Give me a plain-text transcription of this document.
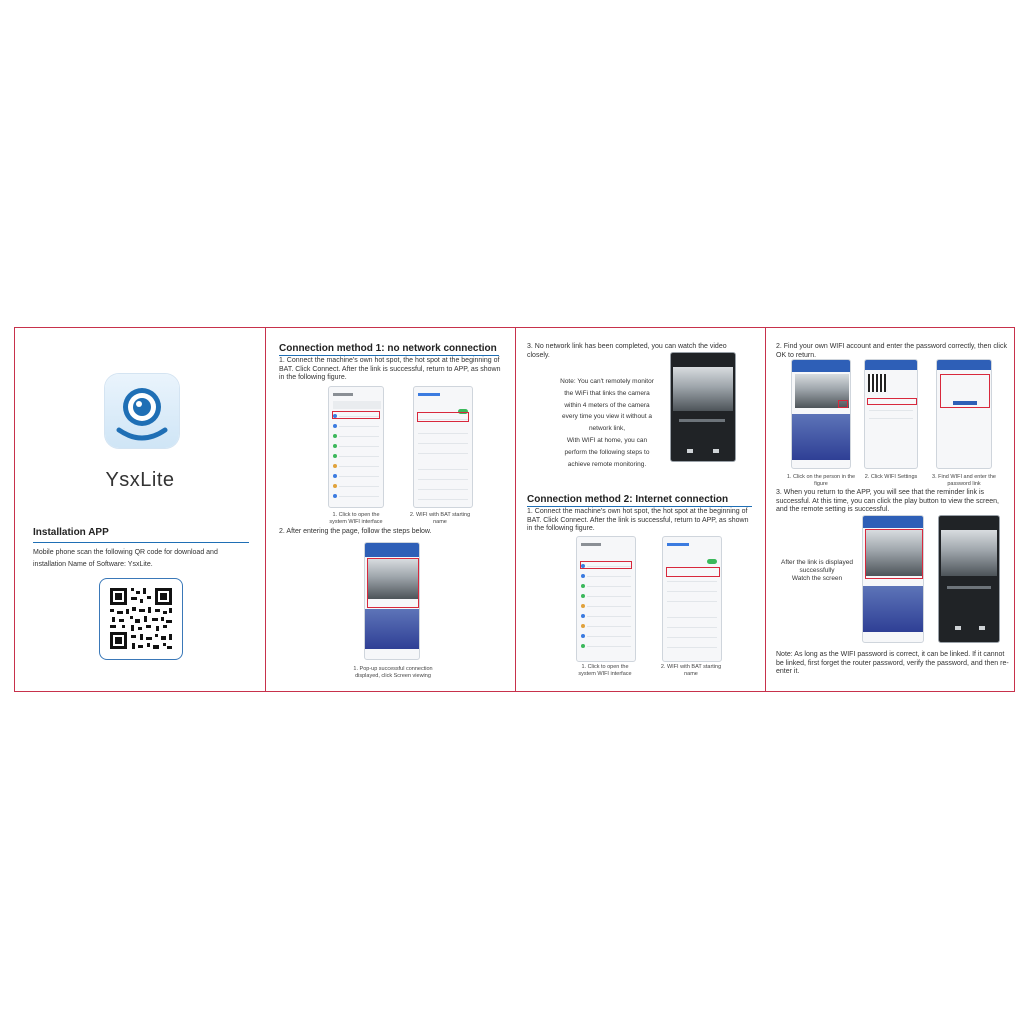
YsxLite
Installation APP
Mobile phone scan the following QR code for download and
installation Name of Software: YsxLite.
Connection method 1: no network connection
1. Connect the machine's own hot spot, the hot spot at the beginning of BAT. Click Connect. After the link is successful, return to APP, as shown in the following figure.
1. Click to open the system WIFI interface
2. WIFI with BAT starting name
2. After entering the page, follow the steps below.
1. Pop-up successful connection displayed, click Screen viewing
3. No network link has been completed, you can watch the video closely.
Note: You can't remotely monitor
the WiFi that links the camera
within 4 meters of the camera
every time you view it without a
network link,
With WIFI at home, you can
perform the following steps to
achieve remote monitoring.
Connection method 2: Internet connection
1. Connect the machine's own hot spot, the hot spot at the beginning of BAT. Click Connect. After the link is successful, return to APP, as shown in the following figure.
1. Click to open the system WIFI interface
2. WIFI with BAT starting name
2. Find your own WIFI account and enter the password correctly, then click OK to return.
1. Click on the person in the figure
2. Click WIFI Settings	3. Find WIFI and enter the password link
3. When you return to the APP, you will see that the reminder link is successful. At this time, you can click the play button to view the screen, and the remote setting is successful.
After the link is displayed
successfully
Watch the screen
Note: As long as the WIFI password is correct, it can be linked. If it cannot be linked, first forget the router password, verify the password, and then re-enter it.
